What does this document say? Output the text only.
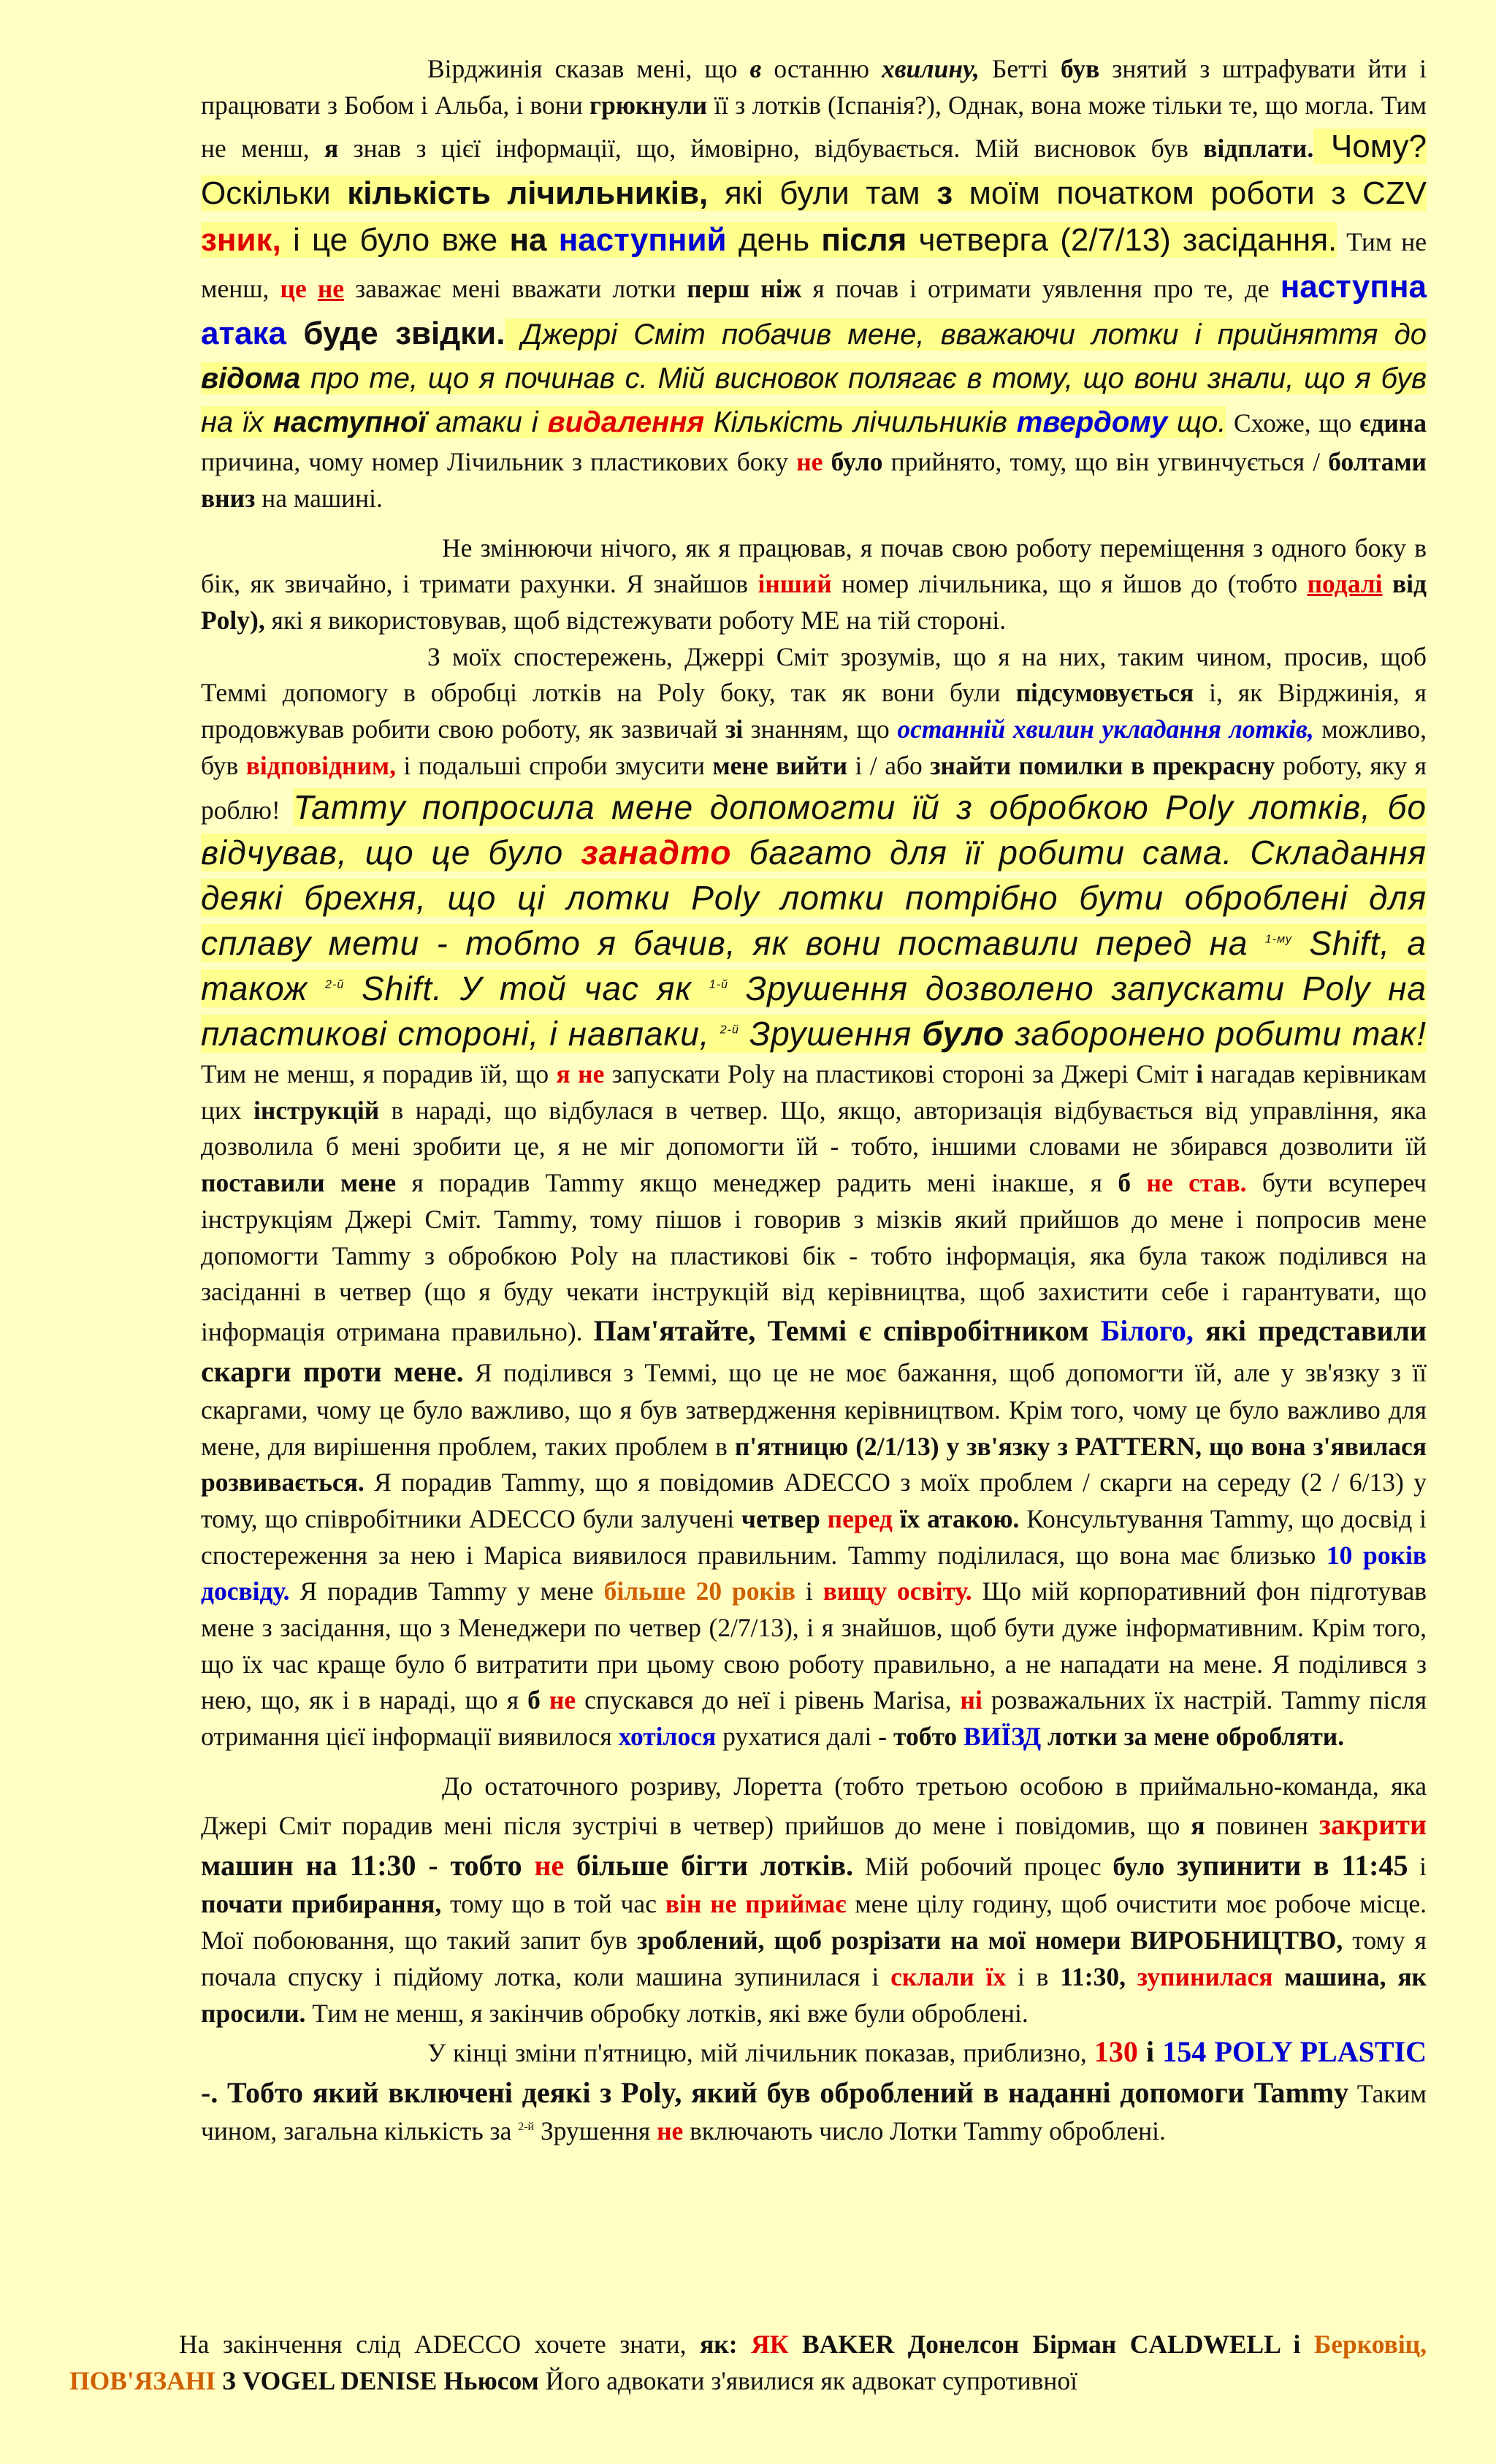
Вірджинія сказав мені, що в останню хвилину, Бетті був знятий з штрафувати йти і працювати з Бобом і Альба, і вони грюкнули її з лотків (Іспанія?), Однак, вона може тільки те, що могла. Тим не менш, я знав з цієї інформації, що, ймовірно, відбувається. Мій висновок був відплати. Чому? Оскільки кількість лічильників, які були там з моїм початком роботи з CZV зник, і це було вже на наступний день після четверга (2/7/13) засідання. Тим не менш, це не заважає мені вважати лотки перш ніж я почав і отримати уявлення про те, де наступна атака буде звідки. Джеррі Сміт побачив мене, вважаючи лотки і прийняття до відома про те, що я починав с. Мій висновок полягає в тому, що вони знали, що я був на їх наступної атаки і видалення Кількість лічильників твердому що. Схоже, що єдина причина, чому номер Лічильник з пластикових боку не було прийнято, тому, що він угвинчується / болтами вниз на машині.

Не змінюючи нічого, як я працював, я почав свою роботу переміщення з одного боку в бік, як звичайно, і тримати рахунки. Я знайшов інший номер лічильника, що я йшов до (тобто подалі від Poly), які я використовував, щоб відстежувати роботу ME на тій стороні.

З моїх спостережень, Джеррі Сміт зрозумів, що я на них, таким чином, просив, щоб Теммі допомогу в обробці лотків на Poly боку, так як вони були підсумовується і, як Вірджинія, я продовжував робити свою роботу, як зазвичай зі знанням, що останній хвилин укладання лотків, можливо, був відповідним, і подальші спроби змусити мене вийти і / або знайти помилки в прекрасну роботу, яку я роблю! Tammy попросила мене допомогти їй з обробкою Poly лотків, бо відчував, що це було занадто багато для її робити сама. Складання деякі брехня, що ці лотки Poly лотки потрібно бути оброблені для сплаву мети - тобто я бачив, як вони поставили перед на $^{1-му}$ Shift, а також $^{2-й}$ Shift. У той час як $^{1-й}$ Зрушення дозволено запускати Poly на пластикові стороні, і навпаки, $^{2-й}$ Зрушення було заборонено робити так! Тим не менш, я порадив їй, що я не запускати Poly на пластикові стороні за Джері Сміт і нагадав керівникам цих інструкцій в нараді, що відбулася в четвер. Що, якщо, авторизація відбувається від управління, яка дозволила б мені зробити це, я не міг допомогти їй - тобто, іншими словами не збирався дозволити їй поставили мене я порадив Tammy якщо менеджер радить мені інакше, я б не став. бути всупереч інструкціям Джері Сміт. Tammy, тому пішов і говорив з мізків який прийшов до мене і попросив мене допомогти Tammy з обробкою Poly на пластикові бік - тобто інформація, яка була також поділився на засіданні в четвер (що я буду чекати інструкцій від керівництва, щоб захистити себе і гарантувати, що інформація отримана правильно). Пам'ятайте, Теммі є співробітником Білого, які представили скарги проти мене. Я поділився з Теммі, що це не моє бажання, щоб допомогти їй, але у зв'язку з її скаргами, чому це було важливо, що я був затвердження керівництвом. Крім того, чому це було важливо для мене, для вирішення проблем, таких проблем в п'ятницю (2/1/13) у зв'язку з PATTERN, що вона з'явилася розвивається. Я порадив Tammy, що я повідомив ADECCO з моїх проблем / скарги на середу (2 / 6/13) у тому, що співробітники ADECCO були залучені четвер перед їх атакою. Консультування Tammy, що досвід і спостереження за нею і Маріса виявилося правильним. Tammy поділилася, що вона має близько 10 років досвіду. Я порадив Tammy у мене більше 20 років і вищу освіту. Що мій корпоративний фон підготував мене з засідання, що з Менеджери по четвер (2/7/13), і я знайшов, щоб бути дуже інформативним. Крім того, що їх час краще було б витратити при цьому свою роботу правильно, а не нападати на мене. Я поділився з нею, що, як і в нараді, що я б не спускався до неї і рівень Marisa, ні розважальних їх настрій. Tammy після отримання цієї інформації виявилося хотілося рухатися далі - тобто ВИЇЗД лотки за мене обробляти.

До остаточного розриву, Лоретта (тобто третьою особою в приймально-команда, яка Джері Сміт порадив мені після зустрічі в четвер) прийшов до мене і повідомив, що я повинен закрити машин на 11:30 - тобто не більше бігти лотків. Мій робочий процес було зупинити в 11:45 і почати прибирання, тому що в той час він не приймає мене цілу годину, щоб очистити моє робоче місце. Мої побоювання, що такий запит був зроблений, щоб розрізати на мої номери ВИРОБНИЦТВО, тому я почала спуску і підйому лотка, коли машина зупинилася і склали їх і в 11:30, зупинилася машина, як просили. Тим не менш, я закінчив обробку лотків, які вже були оброблені.

У кінці зміни п'ятницю, мій лічильник показав, приблизно, 130 і 154 POLY PLASTIC -. Тобто який включені деякі з Poly, який був оброблений в наданні допомоги Tammy Таким чином, загальна кількість за $^{2-й}$ Зрушення не включають число Лотки Tammy оброблені.

На закінчення слід ADECCO хочете знати, як: ЯК BAKER Донелсон Бірман CALDWELL і Берковіц, ПОВ'ЯЗАНІ З VOGEL DENISE Ньюсом Його адвокати з'явилися як адвокат супротивної
